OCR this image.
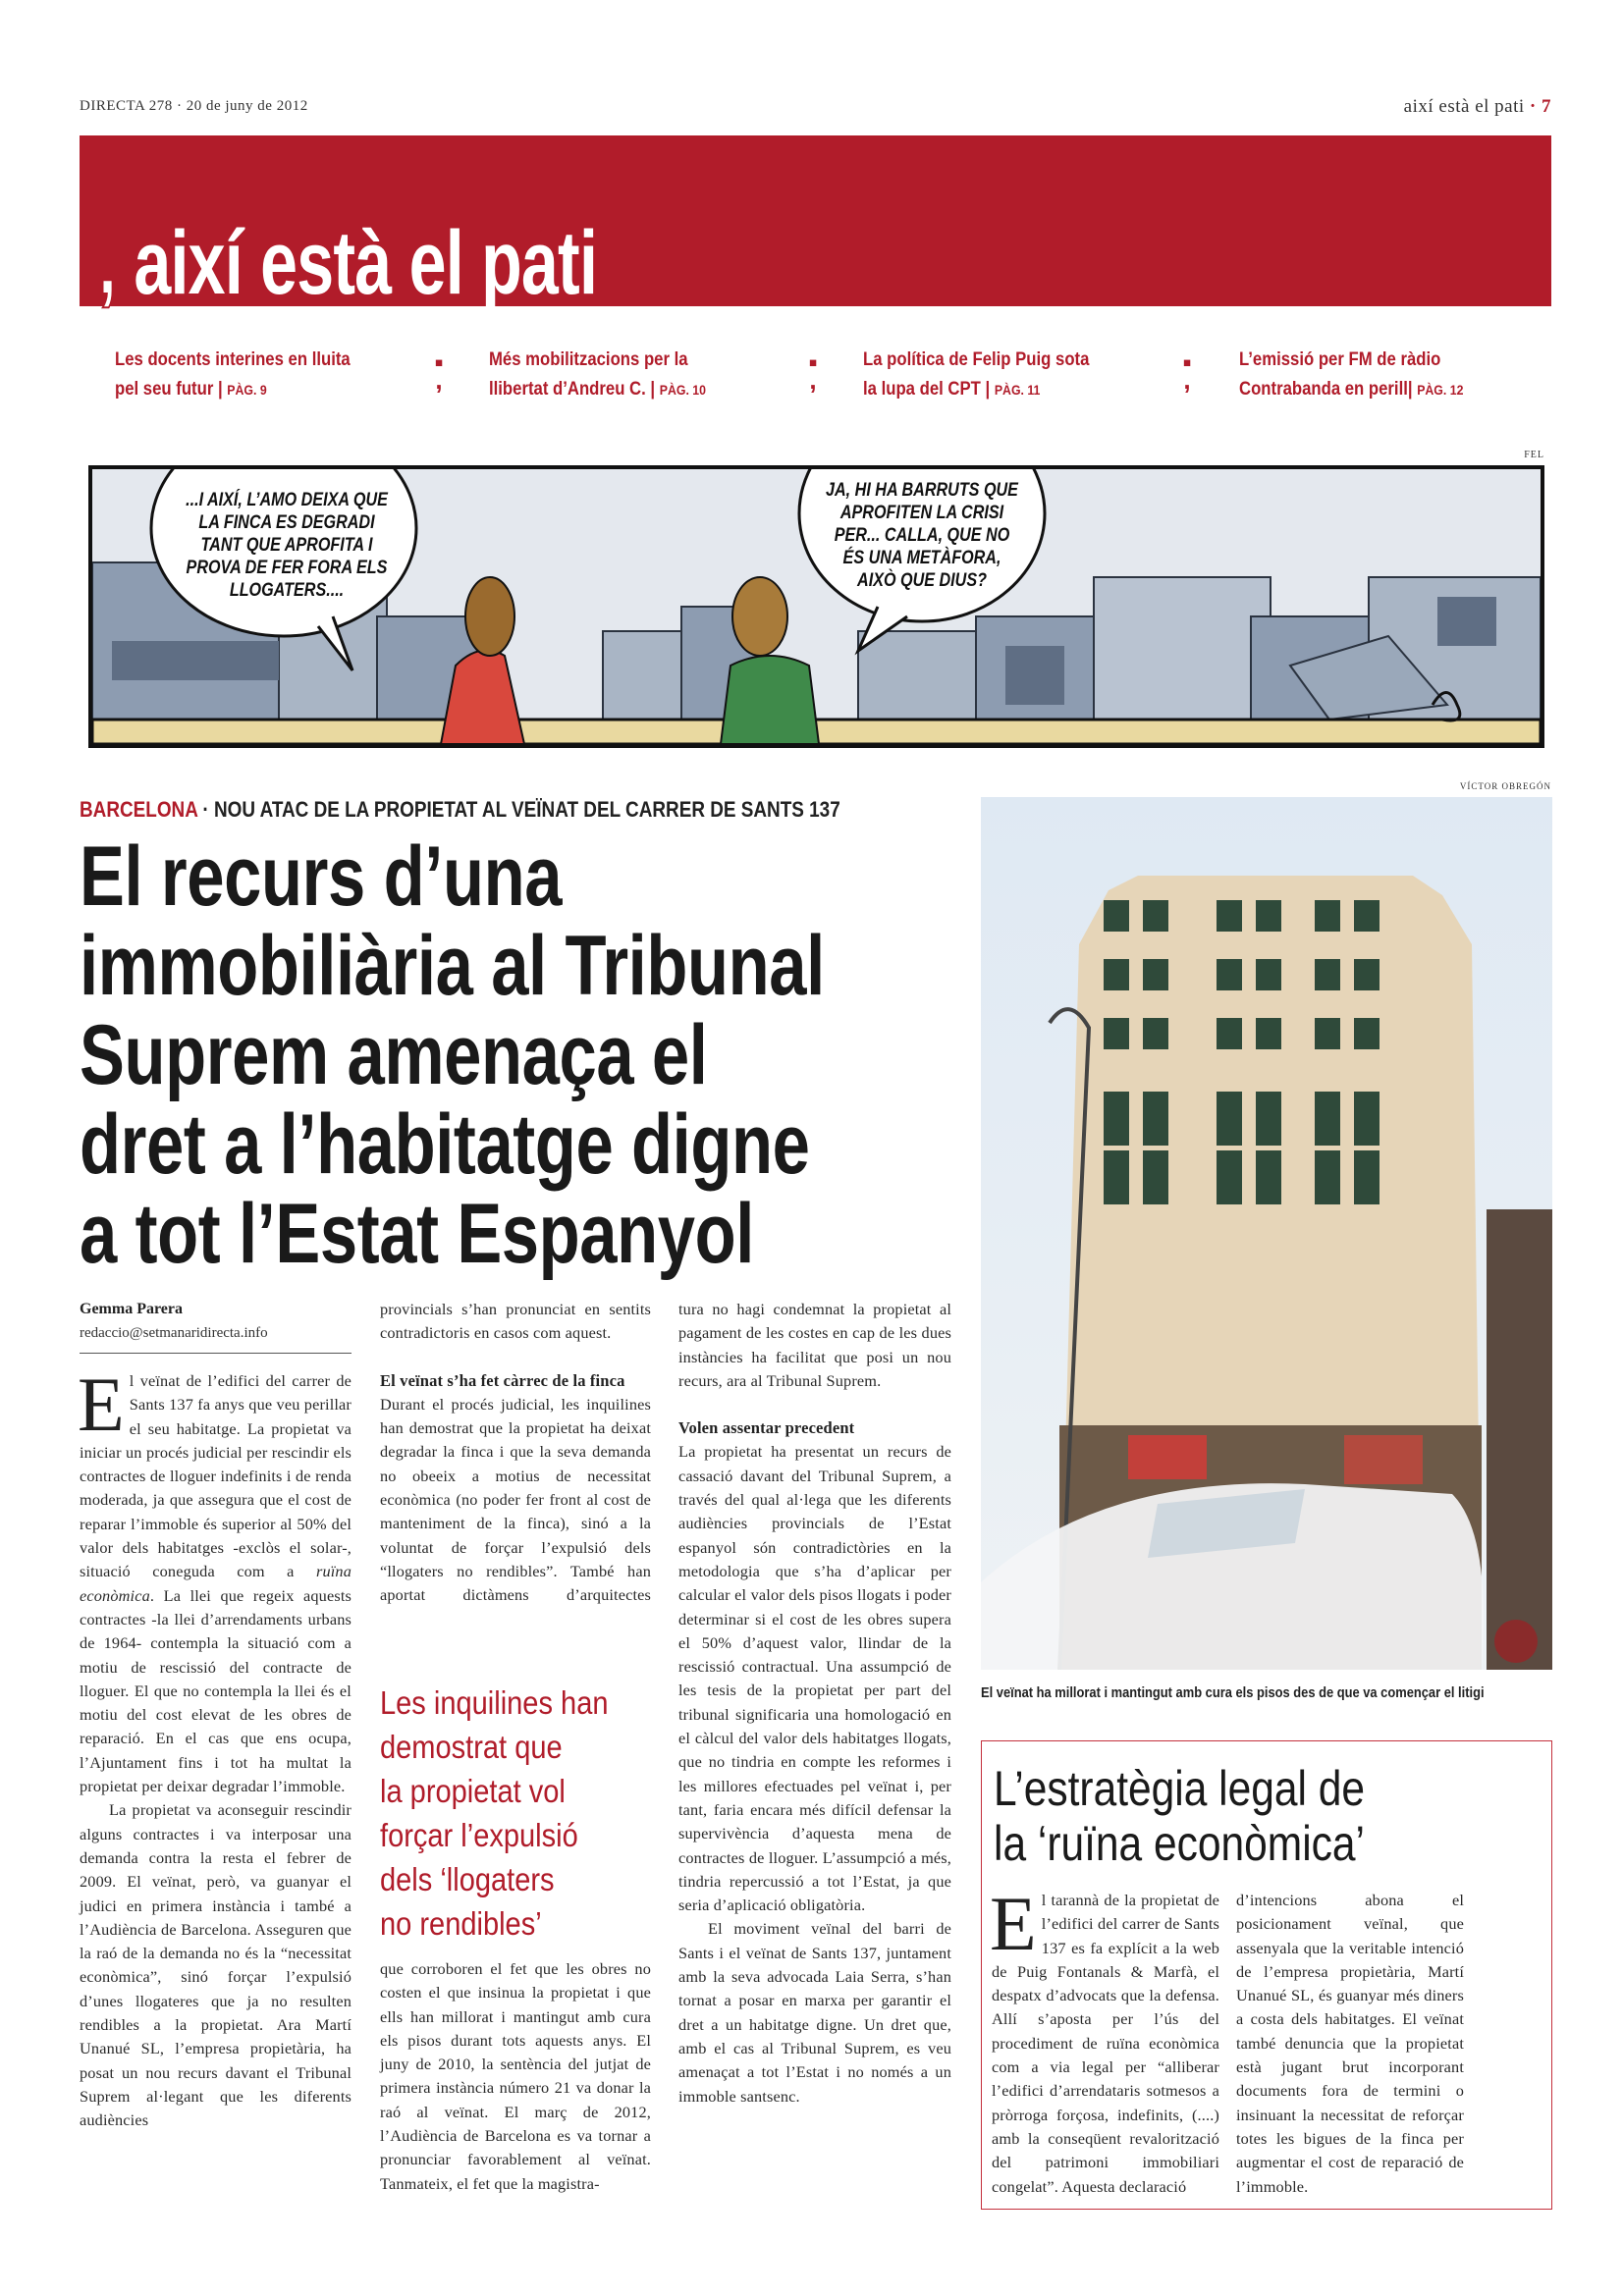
DIRECTA 278 · 20 de juny de 2012	així està el pati · 7
, així està el pati
Les docents interines en lluita
pel seu futur | PÀG. 9
▪
,
Més mobilitzacions per la
llibertat d’Andreu C. | PÀG. 10
▪
,
La política de Felip Puig sota
la lupa del CPT | PÀG. 11
▪
,
L’emissió per FM de ràdio
Contrabanda en perill| PÀG. 12
FEL
...I AIXÍ, L’AMO DEIXA QUE LA FINCA ES DEGRADI TANT QUE APROFITA I PROVA DE FER FORA ELS LLOGATERS....
JA, HI HA BARRUTS QUE APROFITEN LA CRISI PER... CALLA, QUE NO ÉS UNA METÀFORA, AIXÒ QUE DIUS?
VÍCTOR OBREGÓN
BARCELONA · NOU ATAC DE LA PROPIETAT AL VEÏNAT DEL CARRER DE SANTS 137
El recurs d’una
immobiliària al Tribunal
Suprem amenaça el
dret a l’habitatge digne
a tot l’Estat Espanyol
Gemma Parera
redaccio@setmanaridirecta.info

El veïnat de l’edifici del carrer de Sants 137 fa anys que veu perillar el seu habitatge. La propietat va iniciar un procés judicial per rescindir els contractes de lloguer indefinits i de renda moderada, ja que assegura que el cost de reparar l’immoble és superior al 50% del valor dels habitatges -exclòs el solar-, situació coneguda com a ruïna econòmica. La llei que regeix aquests contractes -la llei d’arrendaments urbans de 1964- contempla la situació com a motiu de rescissió del contracte de lloguer. El que no contempla la llei és el motiu del cost elevat de les obres de reparació. En el cas que ens ocupa, l’Ajuntament fins i tot ha multat la propietat per deixar degradar l’immoble.

La propietat va aconseguir rescindir alguns contractes i va interposar una demanda contra la resta el febrer de 2009. El veïnat, però, va guanyar el judici en primera instància i també a l’Audiència de Barcelona. Asseguren que la raó de la demanda no és la “necessitat econòmica”, sinó forçar l’expulsió d’unes llogateres que ja no resulten rendibles a la propietat. Ara Martí Unanué SL, l’empresa propietària, ha posat un nou recurs davant el Tribunal Suprem al·legant que les diferents audiències

provincials s’han pronunciat en sentits contradictoris en casos com aquest.

El veïnat s’ha fet càrrec de la finca

Durant el procés judicial, les inquilines han demostrat que la propietat ha deixat degradar la finca i que la seva demanda no obeeix a motius de necessitat econòmica (no poder fer front al cost de manteniment de la finca), sinó a la voluntat de forçar l’expulsió dels “llogaters no rendibles”. També han aportat dictàmens d’arquitectes

Les inquilines han
demostrat que
la propietat vol
forçar l’expulsió
dels ‘llogaters
no rendibles’

que corroboren el fet que les obres no costen el que insinua la propietat i que ells han millorat i mantingut amb cura els pisos durant tots aquests anys. El juny de 2010, la sentència del jutjat de primera instància número 21 va donar la raó al veïnat. El març de 2012, l’Audiència de Barcelona es va tornar a pronunciar favorablement al veïnat. Tanmateix, el fet que la magistra-

tura no hagi condemnat la propietat al pagament de les costes en cap de les dues instàncies ha facilitat que posi un nou recurs, ara al Tribunal Suprem.

Volen assentar precedent

La propietat ha presentat un recurs de cassació davant del Tribunal Suprem, a través del qual al·lega que les diferents audiències provincials de l’Estat espanyol són contradictòries en la metodologia que s’ha d’aplicar per calcular el valor dels pisos llogats i poder determinar si el cost de les obres supera el 50% d’aquest valor, llindar de la rescissió contractual. Una assumpció de les tesis de la propietat per part del tribunal significaria una homologació en el càlcul del valor dels habitatges llogats, que no tindria en compte les reformes i les millores efectuades pel veïnat i, per tant, faria encara més difícil defensar la supervivència d’aquesta mena de contractes de lloguer. L’assumpció a més, tindria repercussió a tot l’Estat, ja que seria d’aplicació obligatòria.

El moviment veïnal del barri de Sants i el veïnat de Sants 137, juntament amb la seva advocada Laia Serra, s’han tornat a posar en marxa per garantir el dret a un habitatge digne. Un dret que, amb el cas al Tribunal Suprem, es veu amenaçat a tot l’Estat i no només a un immoble santsenc.

El veïnat ha millorat i mantingut amb cura els pisos des de que va començar el litigi
L’estratègia legal de
la ‘ruïna econòmica’
El tarannà de la propietat de l’edifici del carrer de Sants 137 es fa explícit a la web de Puig Fontanals & Marfà, el despatx d’advocats que la defensa. Allí s’aposta per l’ús del procediment de ruïna econòmica com a via legal per “alliberar l’edifici d’arrendataris sotmesos a pròrroga forçosa, indefinits, (....) amb la conseqüent revalorització del patrimoni immobiliari congelat”. Aquesta declaració
d’intencions abona el posicionament veïnal, que assenyala que la veritable intenció de l’empresa propietària, Martí Unanué SL, és guanyar més diners a costa dels habitatges. El veïnat també denuncia que la propietat està jugant brut incorporant documents fora de termini o insinuant la necessitat de reforçar totes les bigues de la finca per augmentar el cost de reparació de l’immoble.
